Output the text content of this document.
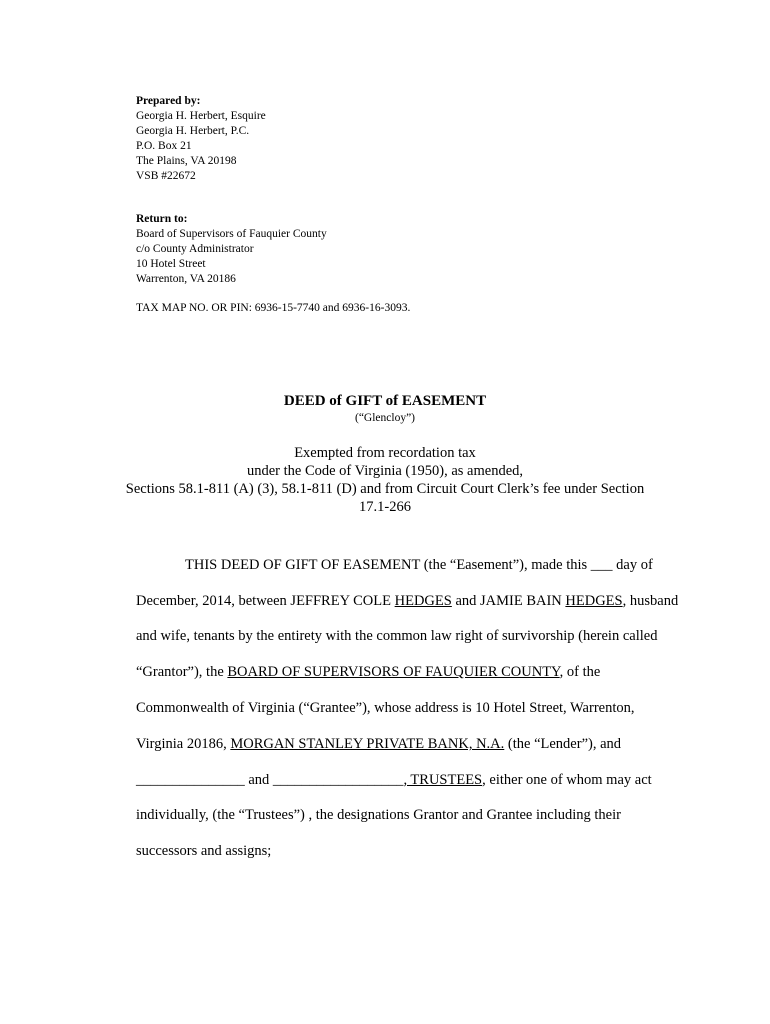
Prepared by:
Georgia H. Herbert, Esquire
Georgia H. Herbert, P.C.
P.O. Box 21
The Plains, VA 20198
VSB #22672
Return to:
Board of Supervisors of Fauquier County
c/o County Administrator
10 Hotel Street
Warrenton, VA 20186
TAX MAP NO. OR PIN: 6936-15-7740 and 6936-16-3093.
DEED of GIFT of EASEMENT
(“Glencloy”)
Exempted from recordation tax
under the Code of Virginia (1950), as amended,
Sections 58.1-811 (A) (3), 58.1-811 (D) and from Circuit Court Clerk’s fee under Section
17.1-266
THIS DEED OF GIFT OF EASEMENT (the “Easement”), made this ___ day of
December, 2014, between JEFFREY COLE HEDGES and JAMIE BAIN HEDGES, husband
and wife, tenants by the entirety with the common law right of survivorship (herein called
“Grantor”), the BOARD OF SUPERVISORS OF FAUQUIER COUNTY, of the
Commonwealth of Virginia (“Grantee”), whose address is 10 Hotel Street, Warrenton,
Virginia 20186, MORGAN STANLEY PRIVATE BANK, N.A. (the “Lender”), and
_______________ and __________________, TRUSTEES, either one of whom may act
individually, (the “Trustees”) , the designations Grantor and Grantee including their
successors and assigns;
